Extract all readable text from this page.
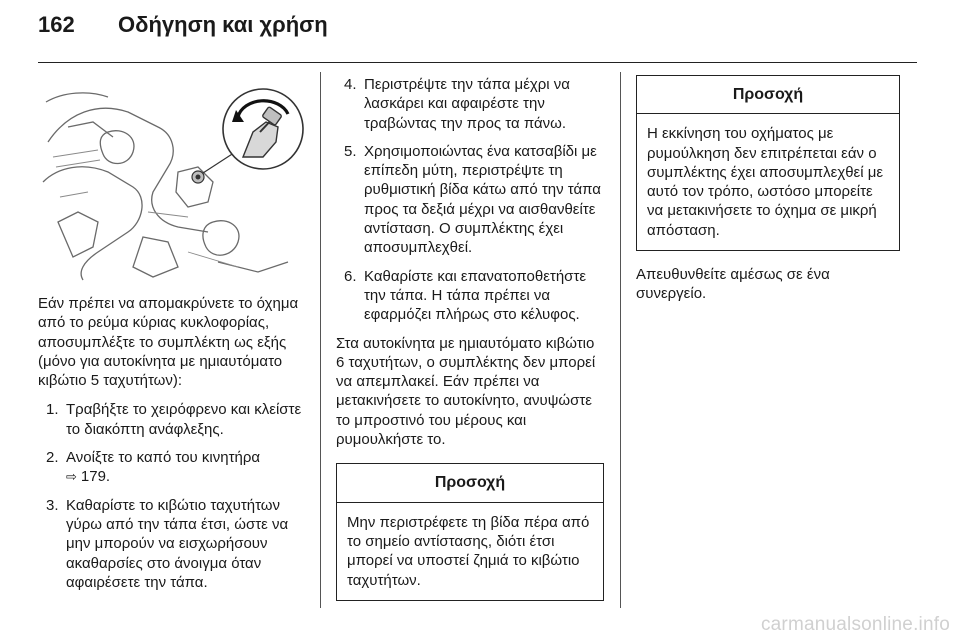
162 Οδήγηση και χρήση

Εάν πρέπει να απομακρύνετε το όχημα από το ρεύμα κύριας κυκλοφορίας, αποσυμπλέξτε το συμπλέκτη ως εξής (μόνο για αυτοκίνητα με ημιαυτόματο κιβώτιο 5 ταχυτήτων):

1. Τραβήξτε το χειρόφρενο και κλείστε το διακόπτη ανάφλεξης.
2. Ανοίξτε το καπό του κινητήρα
⇨ 179.
3. Καθαρίστε το κιβώτιο ταχυτήτων γύρω από την τάπα έτσι, ώστε να μην μπορούν να εισχωρήσουν ακαθαρσίες στο άνοιγμα όταν αφαιρέσετε την τάπα.
4. Περιστρέψτε την τάπα μέχρι να λασκάρει και αφαιρέστε την τραβώντας την προς τα πάνω.
5. Χρησιμοποιώντας ένα κατσαβίδι με επίπεδη μύτη, περιστρέψτε τη ρυθμιστική βίδα κάτω από την τάπα προς τα δεξιά μέχρι να αισθανθείτε αντίσταση. Ο συμπλέκτης έχει αποσυμπλεχθεί.
6. Καθαρίστε και επανατοποθετήστε την τάπα. Η τάπα πρέπει να εφαρμόζει πλήρως στο κέλυφος.

Στα αυτοκίνητα με ημιαυτόματο κιβώτιο 6 ταχυτήτων, ο συμπλέκτης δεν μπορεί να απεμπλακεί. Εάν πρέπει να μετακινήσετε το αυτοκίνητο, ανυψώστε το μπροστινό του μέρους και ρυμουλκήστε το.

Προσοχή
Μην περιστρέφετε τη βίδα πέρα από το σημείο αντίστασης, διότι έτσι μπορεί να υποστεί ζημιά το κιβώτιο ταχυτήτων.
Προσοχή
Η εκκίνηση του οχήματος με ρυμούλκηση δεν επιτρέπεται εάν ο συμπλέκτης έχει αποσυμπλεχθεί με αυτό τον τρόπο, ωστόσο μπορείτε να μετακινήσετε το όχημα σε μικρή απόσταση.

Απευθυνθείτε αμέσως σε ένα συνεργείο.

carmanualsonline.info
